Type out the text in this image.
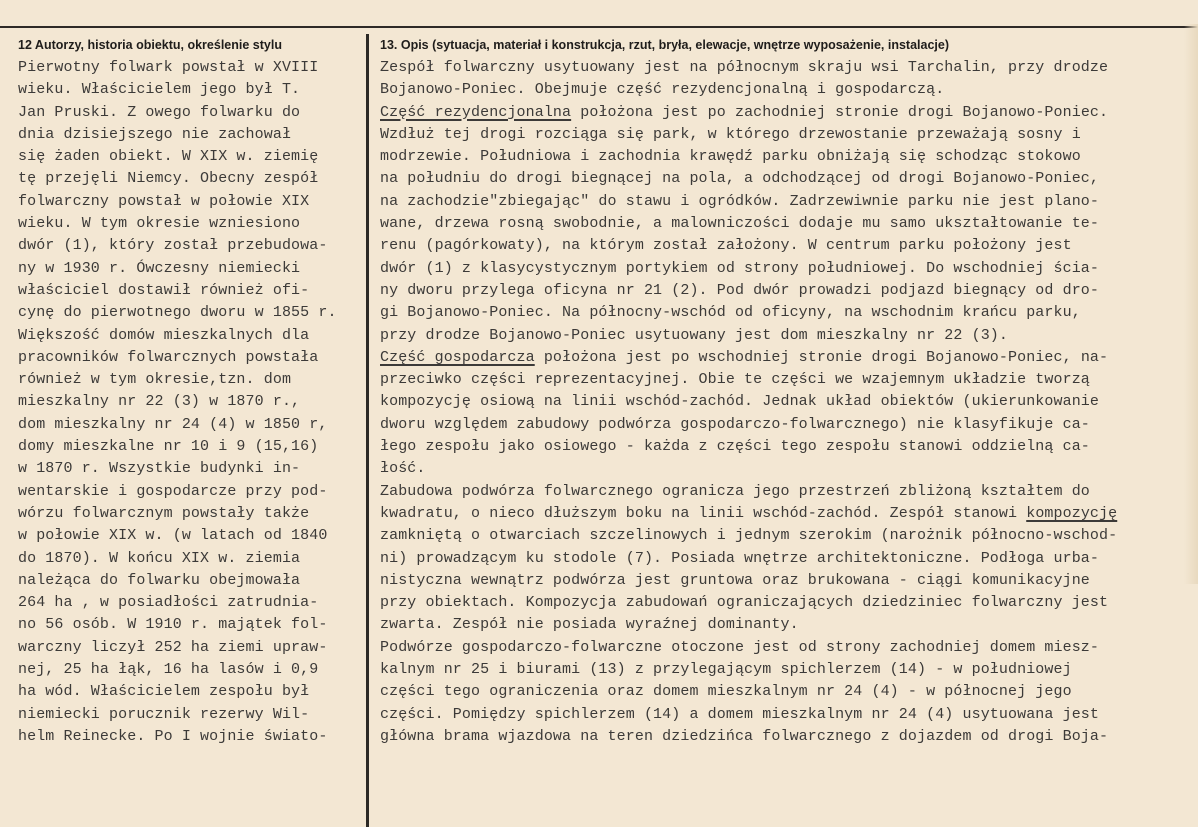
12 Autorzy, historia obiektu, określenie stylu
Pierwotny folwark powstał w XVIII
wieku. Właścicielem jego był T.
Jan Pruski. Z owego folwarku do
dnia dzisiejszego nie zachował
się żaden obiekt. W XIX w. ziemię
tę przejęli Niemcy. Obecny zespół
folwarczny powstał w połowie XIX
wieku. W tym okresie wzniesiono
dwór (1), który został przebudowa-
ny w 1930 r. Ówczesny niemiecki
właściciel dostawił również ofi-
cynę do pierwotnego dworu w 1855 r.
Większość domów mieszkalnych dla
pracowników folwarcznych powstała
również w tym okresie,tzn. dom
mieszkalny nr 22 (3) w 1870 r.,
dom mieszkalny nr 24 (4) w 1850 r,
domy mieszkalne nr 10 i 9 (15,16)
w 1870 r. Wszystkie budynki in-
wentarskie i gospodarcze przy pod-
wórzu folwarcznym powstały także
w połowie XIX w. (w latach od 1840
do 1870). W końcu XIX w. ziemia
należąca do folwarku obejmowała
264 ha , w posiadłości zatrudnia-
no 56 osób. W 1910 r. majątek fol-
warczny liczył 252 ha ziemi upraw-
nej, 25 ha łąk, 16 ha lasów i 0,9
ha wód. Właścicielem zespołu był
niemiecki porucznik rezerwy Wil-
helm Reinecke. Po I wojnie świato-
13. Opis (sytuacja, materiał i konstrukcja, rzut, bryła, elewacje, wnętrze wyposażenie, instalacje)
Zespół folwarczny usytuowany jest na północnym skraju wsi Tarchalin, przy drodze
Bojanowo-Poniec. Obejmuje część rezydencjonalną i gospodarczą.
Część rezydencjonalna położona jest po zachodniej stronie drogi Bojanowo-Poniec.
Wzdłuż tej drogi rozciąga się park, w którego drzewostanie przeważają sosny i
modrzewie. Południowa i zachodnia krawędź parku obniżają się schodząc stokowo
na południu do drogi biegnącej na pola, a odchodzącej od drogi Bojanowo-Poniec,
na zachodzie"zbiegając" do stawu i ogródków. Zadrzewiwnie parku nie jest plano-
wane, drzewa rosną swobodnie, a malowniczości dodaje mu samo ukształtowanie te-
renu (pagórkowaty), na którym został założony. W centrum parku położony jest
dwór (1) z klasycystycznym portykiem od strony południowej. Do wschodniej ścia-
ny dworu przylega oficyna nr 21 (2). Pod dwór prowadzi podjazd biegnący od dro-
gi Bojanowo-Poniec. Na północny-wschód od oficyny, na wschodnim krańcu parku,
przy drodze Bojanowo-Poniec usytuowany jest dom mieszkalny nr 22 (3).
Część gospodarcza położona jest po wschodniej stronie drogi Bojanowo-Poniec, na-
przeciwko części reprezentacyjnej. Obie te części we wzajemnym układzie tworzą
kompozycję osiową na linii wschód-zachód. Jednak układ obiektów (ukierunkowanie
dworu względem zabudowy podwórza gospodarczo-folwarcznego) nie klasyfikuje ca-
łego zespołu jako osiowego - każda z części tego zespołu stanowi oddzielną ca-
łość.
Zabudowa podwórza folwarcznego ogranicza jego przestrzeń zbliżoną kształtem do
kwadratu, o nieco dłuższym boku na linii wschód-zachód. Zespół stanowi kompozycję
zamkniętą o otwarciach szczelinowych i jednym szerokim (narożnik północno-wschod-
ni) prowadzącym ku stodole (7). Posiada wnętrze architektoniczne. Podłoga urba-
nistyczna wewnątrz podwórza jest gruntowa oraz brukowana - ciągi komunikacyjne
przy obiektach. Kompozycja zabudowań ograniczających dziedziniec folwarczny jest
zwarta. Zespół nie posiada wyraźnej dominanty.
Podwórze gospodarczo-folwarczne otoczone jest od strony zachodniej domem miesz-
kalnym nr 25 i biurami (13) z przylegającym spichlerzem (14) - w południowej
części tego ograniczenia oraz domem mieszkalnym nr 24 (4) - w północnej jego
części. Pomiędzy spichlerzem (14) a domem mieszkalnym nr 24 (4) usytuowana jest
główna brama wjazdowa na teren dziedzińca folwarcznego z dojazdem od drogi Boja-
